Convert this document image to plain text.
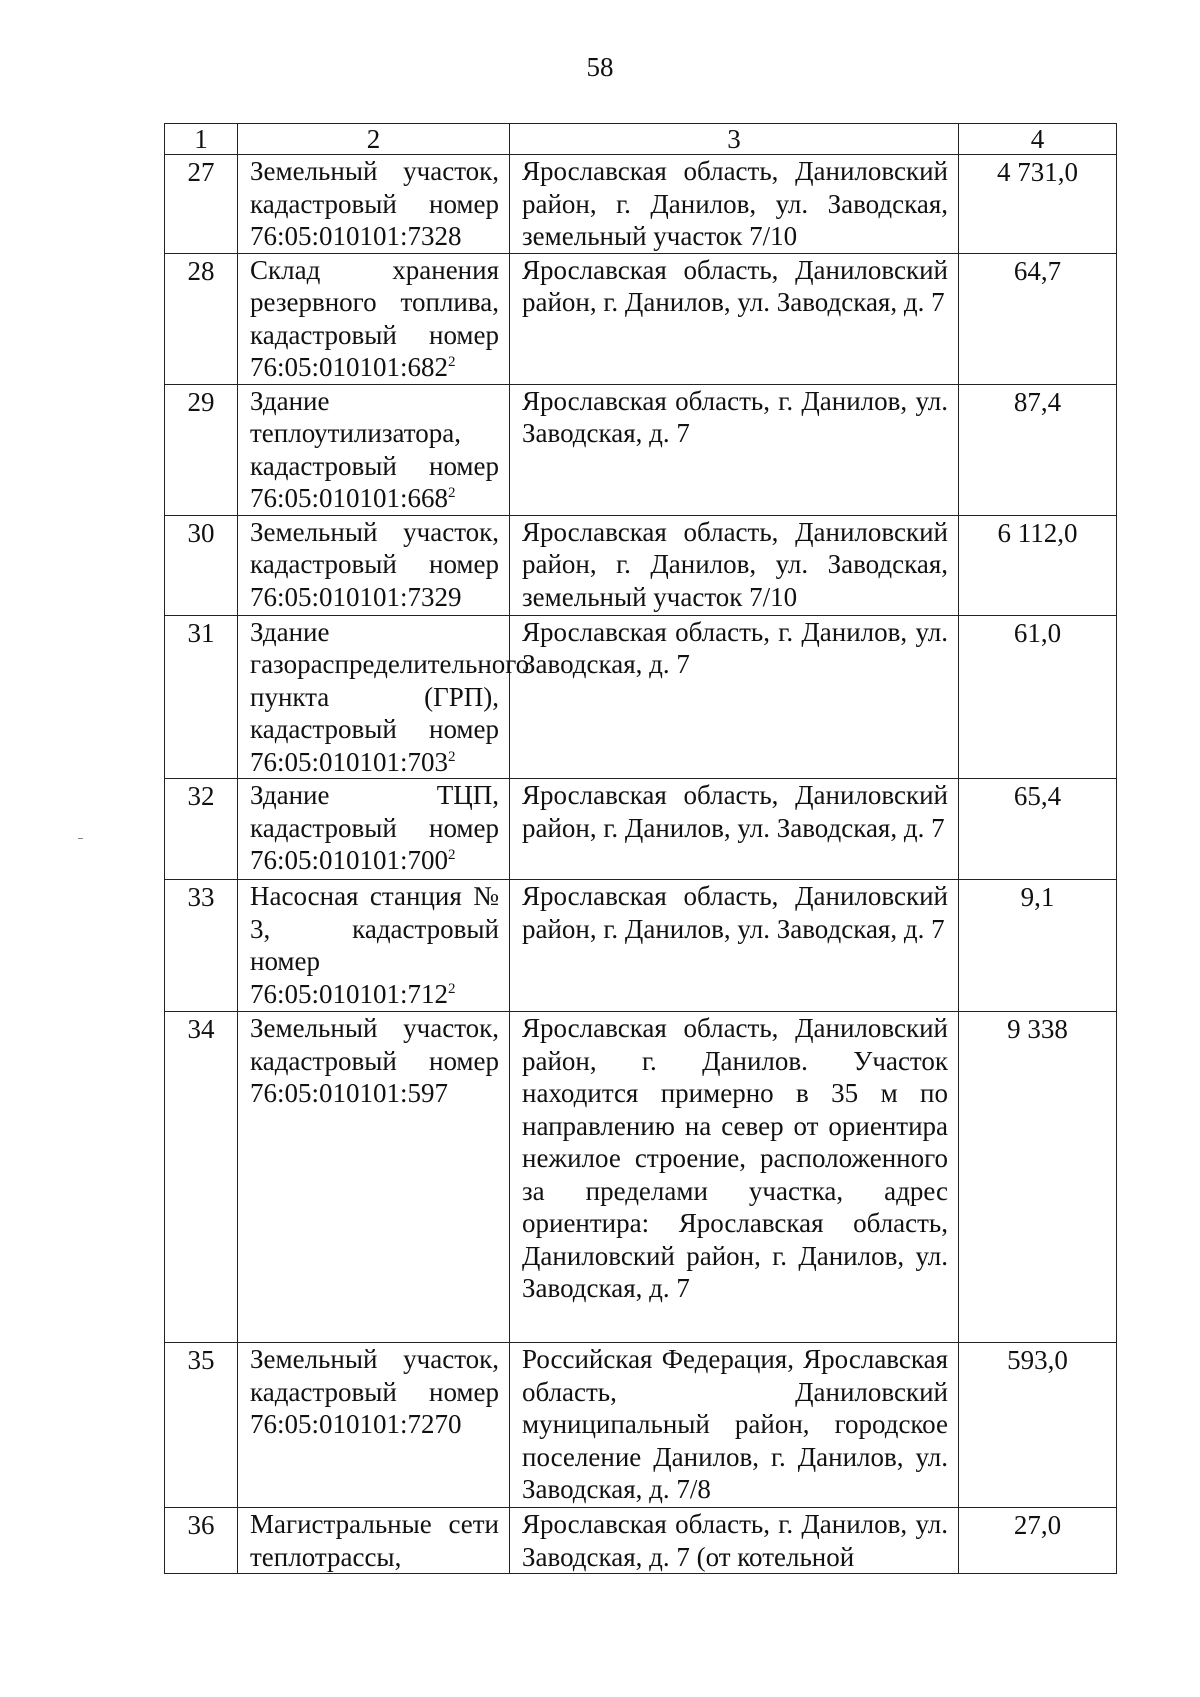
58
1	2	3	4

27	Земельный участок, кадастровый номер 76:05:010101:7328	Ярославская область, Даниловский район, г. Данилов, ул. Заводская, земельный участок 7/10	4 731,0

28	Склад хранения резервного топлива, кадастровый номер $76:05:010101:682^2$	Ярославская область, Даниловский район, г. Данилов, ул. Заводская, д. 7	64,7

29	Здание теплоутилизатора, кадастровый номер $76:05:010101:668^2$	Ярославская область, г. Данилов, ул. Заводская, д. 7	87,4

30	Земельный участок, кадастровый номер 76:05:010101:7329	Ярославская область, Даниловский район, г. Данилов, ул. Заводская, земельный участок 7/10	6 112,0

31	Здание газораспределительного пункта (ГРП), кадастровый номер $76:05:010101:703^2$	Ярославская область, г. Данилов, ул. Заводская, д. 7	61,0

32	Здание ТЦП, кадастровый номер $76:05:010101:700^2$	Ярославская область, Даниловский район, г. Данилов, ул. Заводская, д. 7	65,4

33	Насосная станция № 3, кадастровый номер $76:05:010101:712^2$	Ярославская область, Даниловский район, г. Данилов, ул. Заводская, д. 7	9,1

34	Земельный участок, кадастровый номер 76:05:010101:597	Ярославская область, Даниловский район, г. Данилов. Участок находится примерно в 35 м по направлению на север от ориентира нежилое строение, расположенного за пределами участка, адрес ориентира: Ярославская область, Даниловский район, г. Данилов, ул. Заводская, д. 7	9 338

35	Земельный участок, кадастровый номер 76:05:010101:7270	Российская Федерация, Ярославская область, Даниловский муниципальный район, городское поселение Данилов, г. Данилов, ул. Заводская, д. 7/8	593,0

36	Магистральные сети теплотрассы,	Ярославская область, г. Данилов, ул. Заводская, д. 7 (от котельной	27,0
